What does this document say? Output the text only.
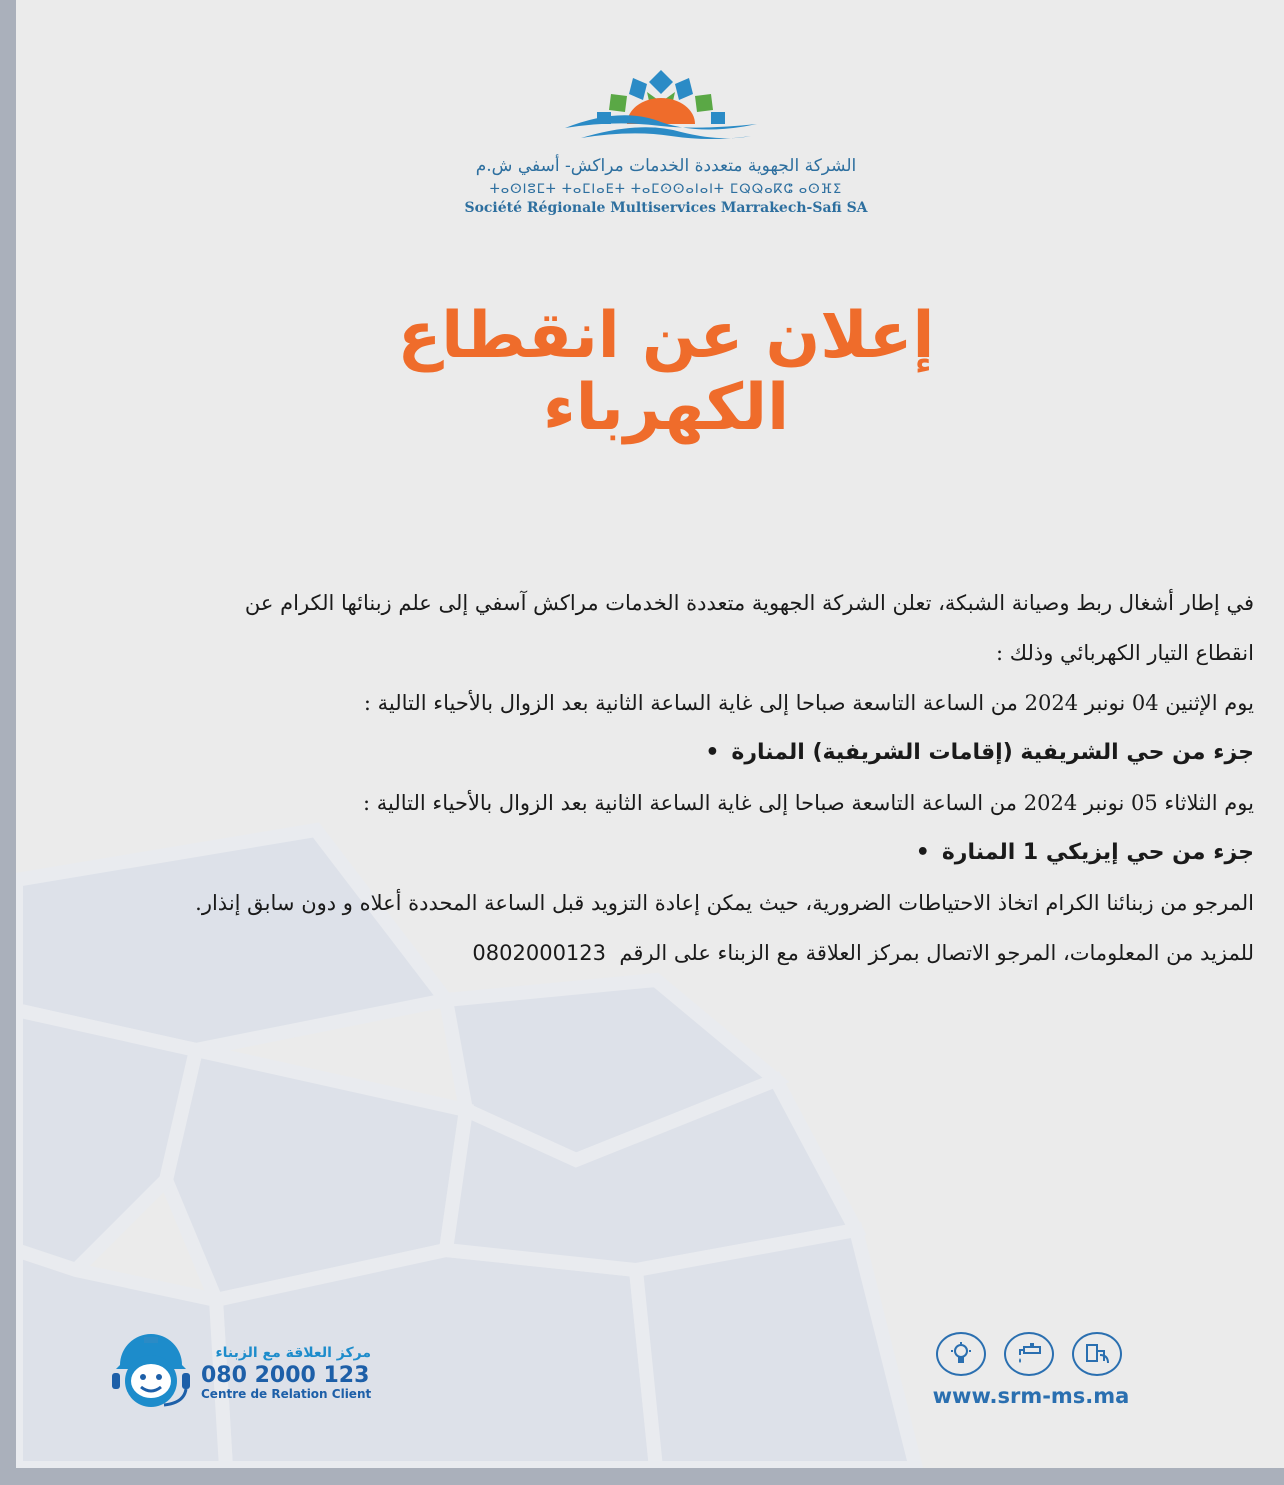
الشركة الجهوية متعددة الخدمات مراكش- أسفي ش.م
ⵜⴰⵙⵏⵓⵎⵜ ⵜⴰⵎⵏⴰⴹⵜ ⵜⴰⵎⵙⵙⴰⵏⴰⵏⵜ ⵎⵕⵕⴰⴽⵛ ⴰⵙⴼⵉ
Société Régionale Multiservices Marrakech-Safi SA
إعلان عن انقطاع
الكهرباء
في إطار أشغال ربط وصيانة الشبكة، تعلن الشركة الجهوية متعددة الخدمات مراكش آسفي إلى علم زبنائها الكرام عن
انقطاع التيار الكهربائي وذلك :
يوم الإثنين 04 نونبر 2024 من الساعة التاسعة صباحا إلى غاية الساعة الثانية بعد الزوال بالأحياء التالية :
جزء من حي الشريفية (إقامات الشريفية) المنارة•
يوم الثلاثاء 05 نونبر 2024 من الساعة التاسعة صباحا إلى غاية الساعة الثانية بعد الزوال بالأحياء التالية :
جزء من حي إيزيكي 1 المنارة•
المرجو من زبنائنا الكرام اتخاذ الاحتياطات الضرورية، حيث يمكن إعادة التزويد قبل الساعة المحددة أعلاه و دون سابق إنذار.
للمزيد من المعلومات، المرجو الاتصال بمركز العلاقة مع الزبناء على الرقم  0802000123
مركز العلاقة مع الزبناء
080 2000 123
Centre de Relation Client	www.srm-ms.ma
